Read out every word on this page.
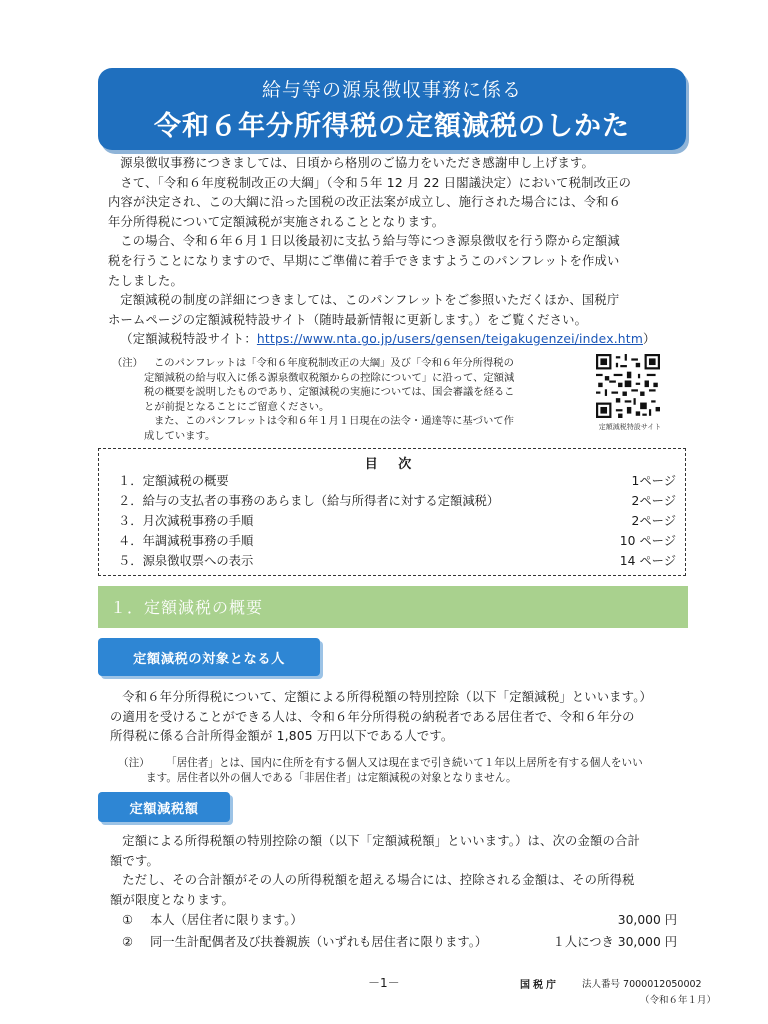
給与等の源泉徴収事務に係る
令和６年分所得税の定額減税のしかた

源泉徴収事務につきましては、日頃から格別のご協力をいただき感謝申し上げます。

さて、「令和６年度税制改正の大綱」（令和５年 12 月 22 日閣議決定）において税制改正の

内容が決定され、この大綱に沿った国税の改正法案が成立し、施行された場合には、令和６

年分所得税について定額減税が実施されることとなります。

この場合、令和６年６月１日以後最初に支払う給与等につき源泉徴収を行う際から定額減

税を行うことになりますので、早期にご準備に着手できますようこのパンフレットを作成い

たしました。

定額減税の制度の詳細につきましては、このパンフレットをご参照いただくほか、国税庁

ホームページの定額減税特設サイト（随時最新情報に更新します。）をご覧ください。

（定額減税特設サイト：https://www.nta.go.jp/users/gensen/teigakugenzei/index.htm）

（注）	このパンフレットは「令和６年度税制改正の大綱」及び「令和６年分所得税の
定額減税の給与収入に係る源泉徴収税額からの控除について」に沿って、定額減
税の概要を説明したものであり、定額減税の実施については、国会審議を経るこ
とが前提となることにご留意ください。
また、このパンフレットは令和６年１月１日現在の法令・通達等に基づいて作
成しています。
定額減税特設サイト
目 次
１．定額減税の概要	1ページ
２．給与の支払者の事務のあらまし（給与所得者に対する定額減税）	2ページ
３．月次減税事務の手順	2ページ
４．年調減税事務の手順	10 ページ
５．源泉徴収票への表示	14 ページ
１．定額減税の概要
定額減税の対象となる人

令和６年分所得税について、定額による所得税額の特別控除（以下「定額減税」といいます。）

の適用を受けることができる人は、令和６年分所得税の納税者である居住者で、令和６年分の

所得税に係る合計所得金額が 1,805 万円以下である人です。

（注）	「居住者」とは、国内に住所を有する個人又は現在まで引き続いて１年以上居所を有する個人をいい
ます。居住者以外の個人である「非居住者」は定額減税の対象となりません。
定額減税額

定額による所得税額の特別控除の額（以下「定額減税額」といいます。）は、次の金額の合計

額です。

ただし、その合計額がその人の所得税額を超える場合には、控除される金額は、その所得税

額が限度となります。

① 本人（居住者に限ります。）	30,000 円
② 同一生計配偶者及び扶養親族（いずれも居住者に限ります。）	１人につき 30,000 円
－1－	国税庁 法人番号 7000012050002
（令和６年１月）
